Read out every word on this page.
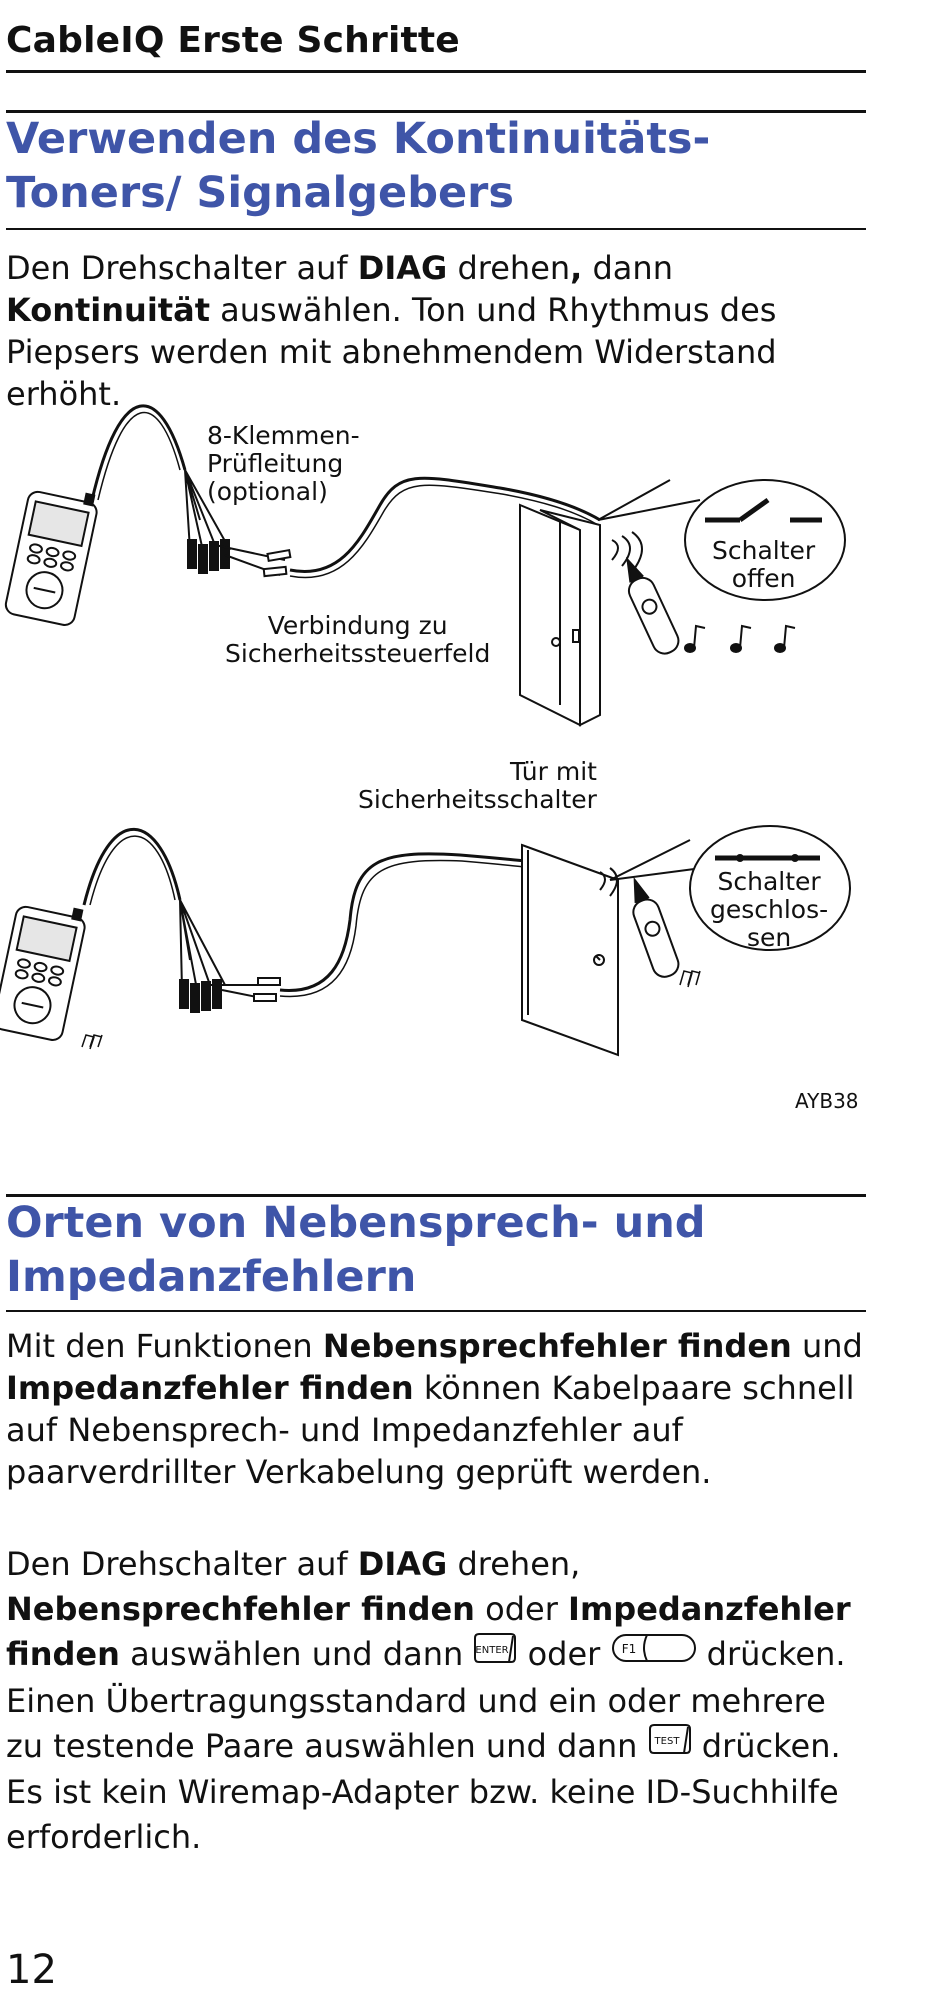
CableIQ Erste Schritte
Verwenden des Kontinuitäts-Toners/ Signalgebers
Den Drehschalter auf DIAG drehen, dann Kontinuität auswählen. Ton und Rhythmus des Piepsers werden mit abnehmendem Widerstand erhöht.
8-Klemmen-
Prüfleitung
(optional)
Verbindung zu
Sicherheitssteuerfeld
Schalter
offen
Tür mit
Sicherheitsschalter
Schalter
geschlos-
sen
AYB38
Orten von Nebensprech- und Impedanzfehlern
Mit den Funktionen Nebensprechfehler finden und Impedanzfehler finden können Kabelpaare schnell auf Nebensprech- und Impedanzfehler auf paarverdrillter Verkabelung geprüft werden.
Den Drehschalter auf DIAG drehen,
Nebensprechfehler finden oder Impedanzfehler finden auswählen und dann ENTER oder F1 drücken. Einen Übertragungsstandard und ein oder mehrere zu testende Paare auswählen und dann TEST drücken. Es ist kein Wiremap-Adapter bzw. keine ID-Suchhilfe erforderlich.
12
